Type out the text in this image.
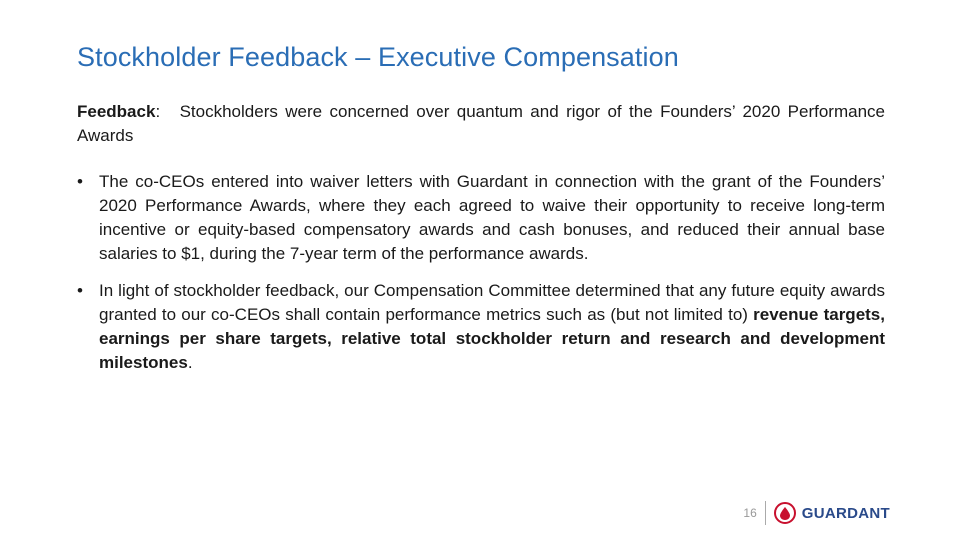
Stockholder Feedback – Executive Compensation

Feedback: Stockholders were concerned over quantum and rigor of the Founders’ 2020 Performance Awards

• The co-CEOs entered into waiver letters with Guardant in connection with the grant of the Founders’ 2020 Performance Awards, where they each agreed to waive their opportunity to receive long-term incentive or equity-based compensatory awards and cash bonuses, and reduced their annual base salaries to $1, during the 7-year term of the performance awards.
• In light of stockholder feedback, our Compensation Committee determined that any future equity awards granted to our co-CEOs shall contain performance metrics such as (but not limited to) revenue targets, earnings per share targets, relative total stockholder return and research and development milestones.
16	GUARDANT
